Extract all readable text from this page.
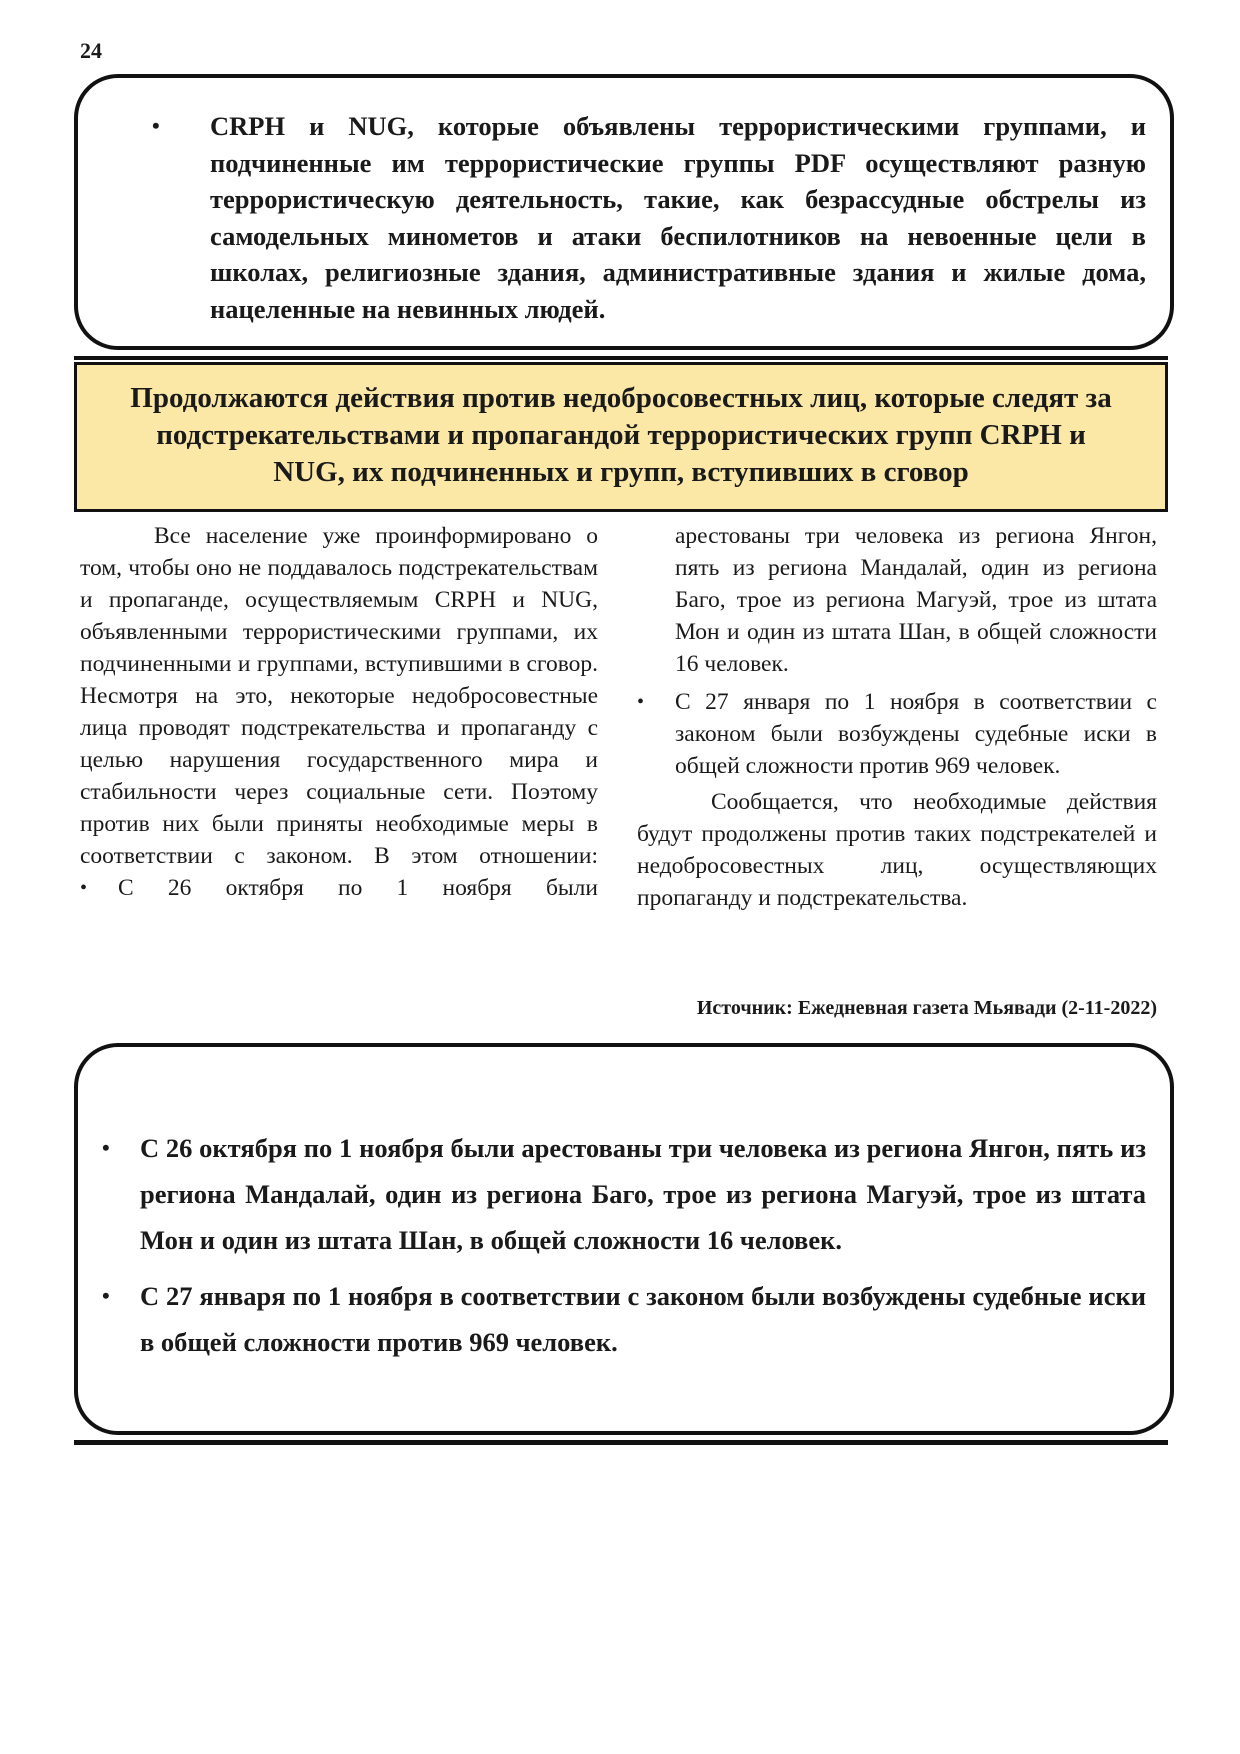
24
• CRPH и NUG, которые объявлены террористическими группами, и подчиненные им террористические группы PDF осуществляют разную террористическую деятельность, такие, как безрассудные обстрелы из самодельных минометов и атаки беспилотников на невоенные цели в школах, религиозные здания, административные здания и жилые дома, нацеленные на невинных людей.
Продолжаются действия против недобросовестных лиц, которые следят за
подстрекательствами и пропагандой террористических групп CRPH и
NUG, их подчиненных и групп, вступивших в сговор

Все население уже проинформировано о том, чтобы оно не поддавалось подстрекательствам и пропаганде, осуществляемым CRPH и NUG, объявленными террористическими группами, их подчиненными и группами, вступившими в сговор. Несмотря на это, некоторые недобросовестные лица проводят подстрекательства и пропаганду с целью нарушения государственного мира и стабильности через социальные сети. Поэтому против них были приняты необходимые меры в соответствии с законом. В этом отношении:

• С 26 октября по 1 ноября были

арестованы три человека из региона Янгон, пять из региона Мандалай, один из региона Баго, трое из региона Магуэй, трое из штата Мон и один из штата Шан, в общей сложности 16 человек.

• С 27 января по 1 ноября в соответствии с законом были возбуждены судебные иски в общей сложности против 969 человек.

Сообщается, что необходимые действия будут продолжены против таких подстрекателей и недобросовестных лиц, осуществляющих пропаганду и подстрекательства.

Источник: Ежедневная газета Мьявади (2-11-2022)
• С 26 октября по 1 ноября были арестованы три человека из региона Янгон, пять из региона Мандалай, один из региона Баго, трое из региона Магуэй, трое из штата Мон и один из штата Шан, в общей сложности 16 человек.
• С 27 января по 1 ноября в соответствии с законом были возбуждены судебные иски в общей сложности против 969 человек.
